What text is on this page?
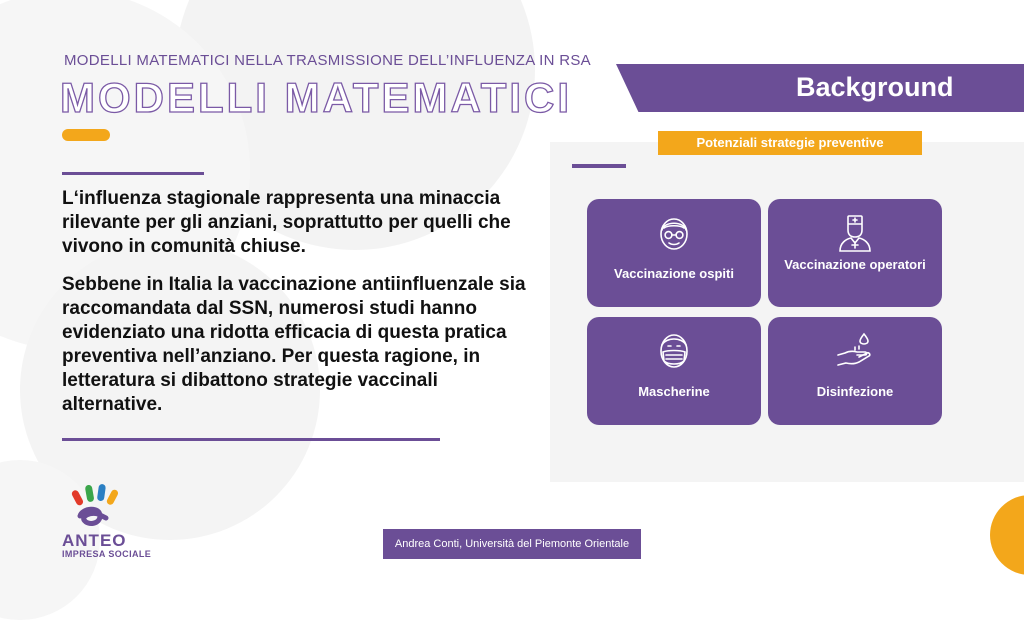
MODELLI MATEMATICI NELLA TRASMISSIONE DELL’INFLUENZA IN RSA
MODELLI MATEMATICI

L‘influenza stagionale rappresenta una minaccia rilevante per gli anziani, soprattutto per quelli che vivono in comunità chiuse.

Sebbene in Italia la vaccinazione antiinfluenzale sia raccomandata dal SSN, numerosi studi hanno evidenziato una ridotta efficacia di questa pratica preventiva nell’anziano. Per questa ragione, in letteratura si dibattono strategie vaccinali alternative.

Background
Potenziali strategie preventive
Vaccinazione ospiti
Vaccinazione operatori
Mascherine	Disinfezione
Andrea Conti, Università del Piemonte Orientale
ANTEO
IMPRESA SOCIALE
